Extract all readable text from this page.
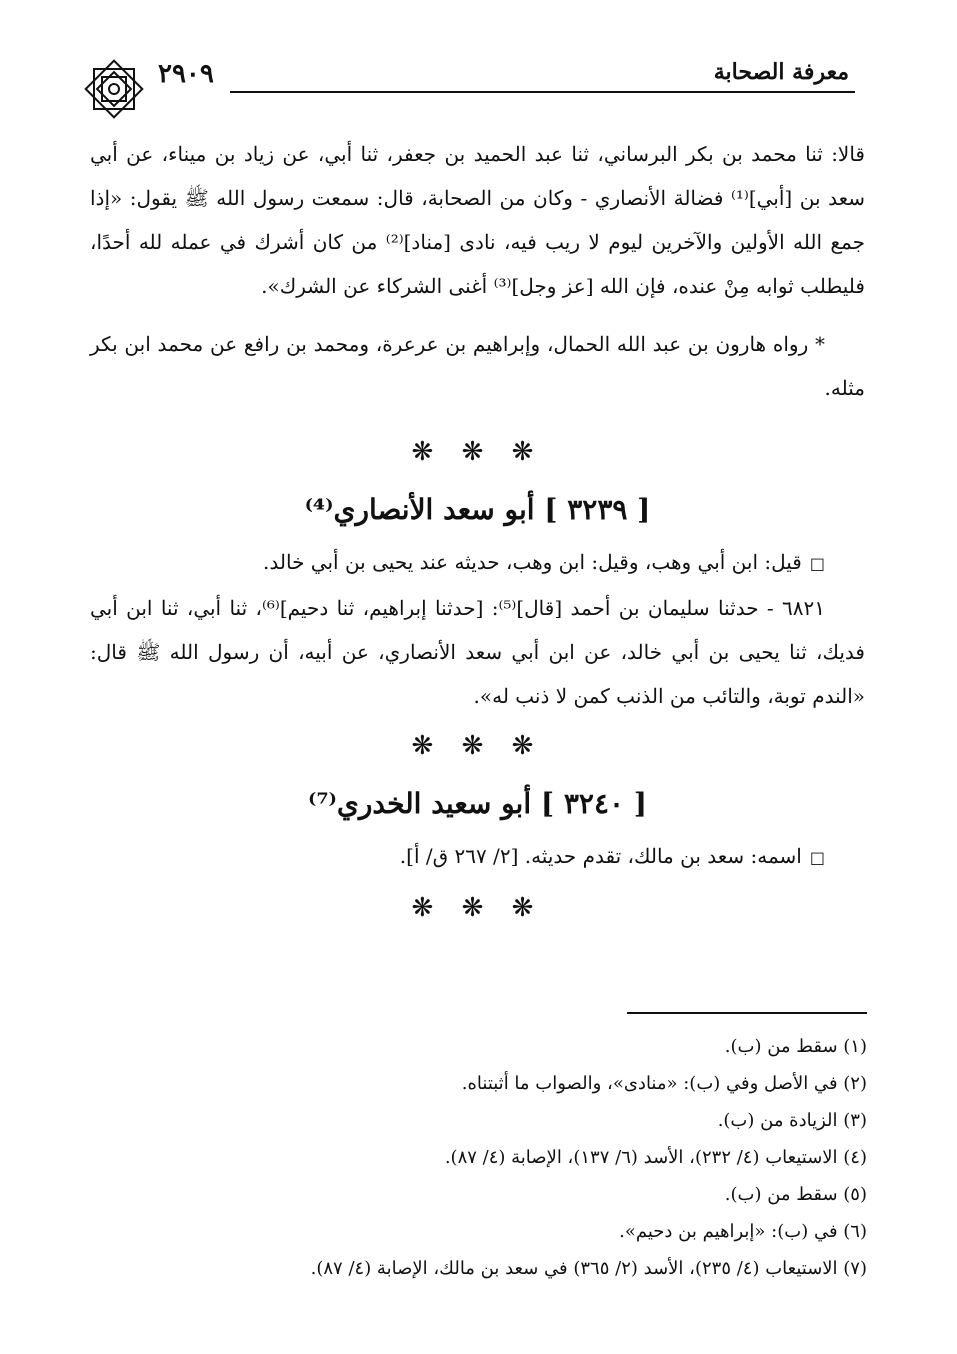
٢٩٠٩	معرفة الصحابة

قالا: ثنا محمد بن بكر البرساني، ثنا عبد الحميد بن جعفر، ثنا أبي، عن زياد بن ميناء، عن أبي سعد بن [أبي]⁽¹⁾ فضالة الأنصاري - وكان من الصحابة، قال: سمعت رسول الله ﷺ يقول: «إذا جمع الله الأولين والآخرين ليوم لا ريب فيه، نادى [مناد]⁽²⁾ من كان أشرك في عمله لله أحدًا، فليطلب ثوابه مِنْ عنده، فإن الله [عز وجل]⁽³⁾ أغنى الشركاء عن الشرك».

* رواه هارون بن عبد الله الحمال، وإبراهيم بن عرعرة، ومحمد بن رافع عن محمد ابن بكر مثله.

❋ ❋ ❋
[ ٣٢٣٩ ] أبو سعد الأنصاري⁽⁴⁾

□قيل: ابن أبي وهب، وقيل: ابن وهب، حديثه عند يحيى بن أبي خالد.

٦٨٢١ - حدثنا سليمان بن أحمد [قال]⁽⁵⁾: [حدثنا إبراهيم، ثنا دحيم]⁽⁶⁾، ثنا أبي، ثنا ابن أبي فديك، ثنا يحيى بن أبي خالد، عن ابن أبي سعد الأنصاري، عن أبيه، أن رسول الله ﷺ قال: «الندم توبة، والتائب من الذنب كمن لا ذنب له».

❋ ❋ ❋
[ ٣٢٤٠ ] أبو سعيد الخدري⁽⁷⁾

□اسمه: سعد بن مالك، تقدم حديثه. [٢/ ٢٦٧ ق/ أ].

❋ ❋ ❋

(١) سقط من (ب).

(٢) في الأصل وفي (ب): «منادى»، والصواب ما أثبتناه.

(٣) الزيادة من (ب).

(٤) الاستيعاب (٤/ ٢٣٢)، الأسد (٦/ ١٣٧)، الإصابة (٤/ ٨٧).

(٥) سقط من (ب).

(٦) في (ب): «إبراهيم بن دحيم».

(٧) الاستيعاب (٤/ ٢٣٥)، الأسد (٢/ ٣٦٥) في سعد بن مالك، الإصابة (٤/ ٨٧).
